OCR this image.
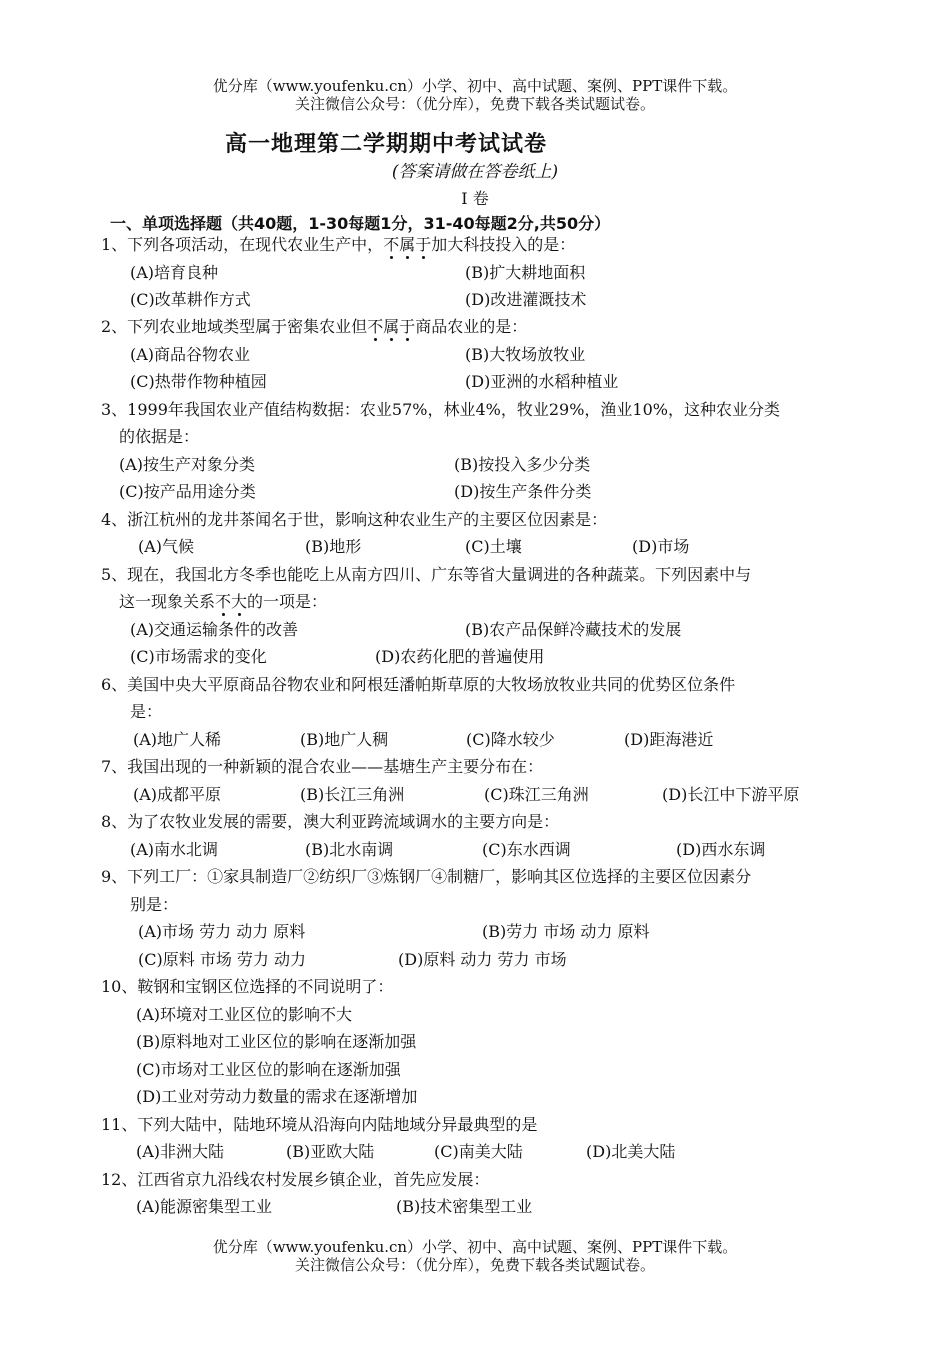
优分库（www.youfenku.cn）小学、初中、高中试题、案例、PPT课件下载。
关注微信公众号：（优分库），免费下载各类试题试卷。
高一地理第二学期期中考试试卷
(答案请做在答卷纸上)
Ⅰ 卷
一、单项选择题（共40题，1-30每题1分，31-40每题2分,共50分）
1、下列各项活动，在现代农业生产中，不属于加大科技投入的是：
(A)培育良种	(B)扩大耕地面积
(C)改革耕作方式	(D)改进灌溉技术
2、下列农业地域类型属于密集农业但不属于商品农业的是：
(A)商品谷物农业	(B)大牧场放牧业
(C)热带作物种植园	(D)亚洲的水稻种植业
3、1999年我国农业产值结构数据：农业57%，林业4%，牧业29%，渔业10%，这种农业分类
的依据是：
(A)按生产对象分类	(B)按投入多少分类
(C)按产品用途分类	(D)按生产条件分类
4、浙江杭州的龙井茶闻名于世，影响这种农业生产的主要区位因素是：
(A)气候	(B)地形	(C)土壤	(D)市场
5、现在，我国北方冬季也能吃上从南方四川、广东等省大量调进的各种蔬菜。下列因素中与
这一现象关系不大的一项是：
(A)交通运输条件的改善	(B)农产品保鲜冷藏技术的发展
(C)市场需求的变化	(D)农药化肥的普遍使用
6、美国中央大平原商品谷物农业和阿根廷潘帕斯草原的大牧场放牧业共同的优势区位条件
是：
(A)地广人稀	(B)地广人稠	(C)降水较少	(D)距海港近
7、我国出现的一种新颖的混合农业——基塘生产主要分布在：
(A)成都平原	(B)长江三角洲	(C)珠江三角洲	(D)长江中下游平原
8、为了农牧业发展的需要，澳大利亚跨流域调水的主要方向是：
(A)南水北调	(B)北水南调	(C)东水西调	(D)西水东调
9、下列工厂：①家具制造厂②纺织厂③炼钢厂④制糖厂，影响其区位选择的主要区位因素分
别是：
(A)市场 劳力 动力 原料	(B)劳力 市场 动力 原料
(C)原料 市场 劳力 动力	(D)原料 动力 劳力 市场
10、鞍钢和宝钢区位选择的不同说明了：
(A)环境对工业区位的影响不大
(B)原料地对工业区位的影响在逐渐加强
(C)市场对工业区位的影响在逐渐加强
(D)工业对劳动力数量的需求在逐渐增加
11、下列大陆中，陆地环境从沿海向内陆地域分异最典型的是
(A)非洲大陆	(B)亚欧大陆	(C)南美大陆	(D)北美大陆
12、江西省京九沿线农村发展乡镇企业，首先应发展：
(A)能源密集型工业	(B)技术密集型工业
优分库（www.youfenku.cn）小学、初中、高中试题、案例、PPT课件下载。
关注微信公众号：（优分库），免费下载各类试题试卷。
